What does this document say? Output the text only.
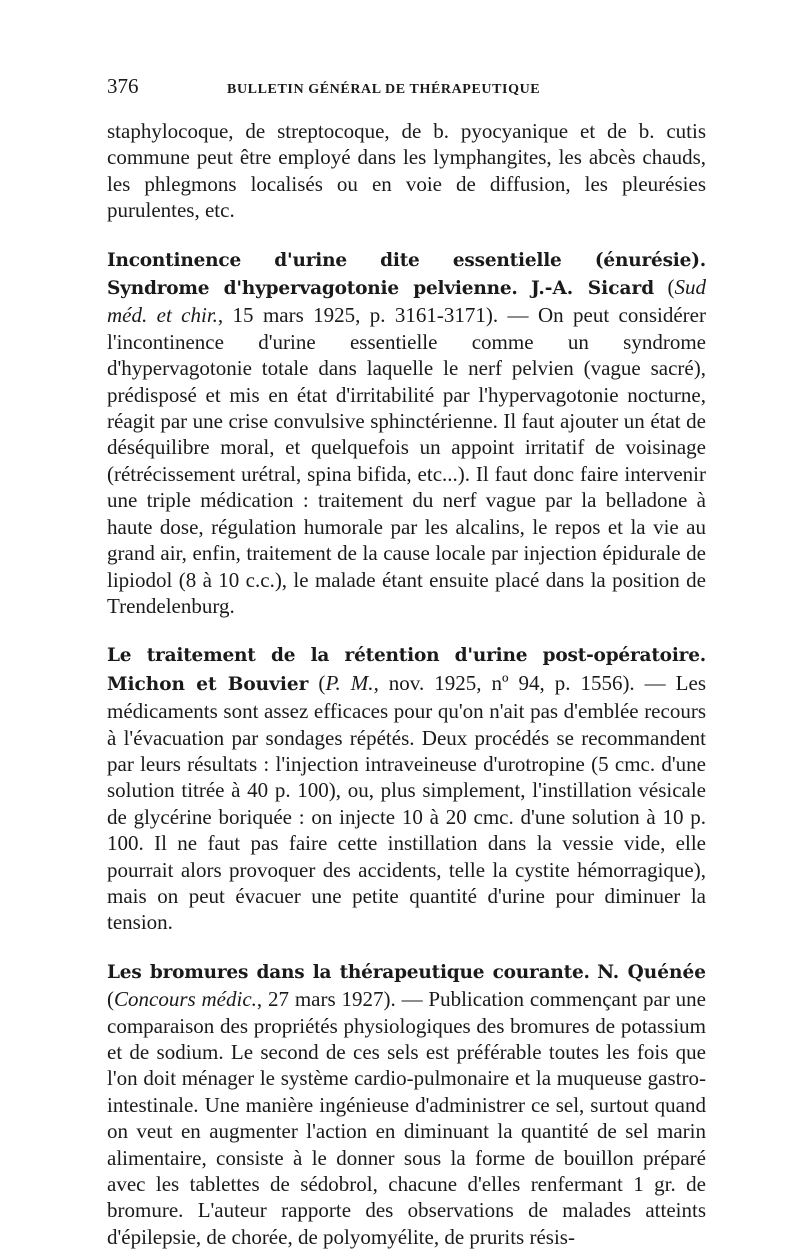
376	BULLETIN GÉNÉRAL DE THÉRAPEUTIQUE

staphylocoque, de streptocoque, de b. pyocyanique et de b. cutis commune peut être employé dans les lymphangites, les abcès chauds, les phlegmons localisés ou en voie de diffusion, les pleurésies purulentes, etc.

Incontinence d'urine dite essentielle (énurésie). Syndrome d'hypervagotonie pelvienne. J.-A. Sicard (Sud méd. et chir., 15 mars 1925, p. 3161-3171). — On peut considérer l'incontinence d'urine essentielle comme un syndrome d'hypervagotonie totale dans laquelle le nerf pelvien (vague sacré), prédisposé et mis en état d'irritabilité par l'hypervagotonie nocturne, réagit par une crise convulsive sphinctérienne. Il faut ajouter un état de déséquilibre moral, et quelquefois un appoint irritatif de voisinage (rétrécissement urétral, spina bifida, etc...). Il faut donc faire intervenir une triple médication : traitement du nerf vague par la belladone à haute dose, régulation humorale par les alcalins, le repos et la vie au grand air, enfin, traitement de la cause locale par injection épidurale de lipiodol (8 à 10 c.c.), le malade étant ensuite placé dans la position de Trendelenburg.

Le traitement de la rétention d'urine post-opératoire. Michon et Bouvier (P. M., nov. 1925, nº 94, p. 1556). — Les médicaments sont assez efficaces pour qu'on n'ait pas d'emblée recours à l'évacuation par sondages répétés. Deux procédés se recommandent par leurs résultats : l'injection intraveineuse d'urotropine (5 cmc. d'une solution titrée à 40 p. 100), ou, plus simplement, l'instillation vésicale de glycérine boriquée : on injecte 10 à 20 cmc. d'une solution à 10 p. 100. Il ne faut pas faire cette instillation dans la vessie vide, elle pourrait alors provoquer des accidents, telle la cystite hémorragique), mais on peut évacuer une petite quantité d'urine pour diminuer la tension.

Les bromures dans la thérapeutique courante. N. Quénée (Concours médic., 27 mars 1927). — Publication commençant par une comparaison des propriétés physiologiques des bromures de potassium et de sodium. Le second de ces sels est préférable toutes les fois que l'on doit ménager le système cardio-pulmonaire et la muqueuse gastro-intestinale. Une manière ingénieuse d'administrer ce sel, surtout quand on veut en augmenter l'action en diminuant la quantité de sel marin alimentaire, consiste à le donner sous la forme de bouillon préparé avec les tablettes de sédobrol, chacune d'elles renfermant 1 gr. de bromure. L'auteur rapporte des observations de malades atteints d'épilepsie, de chorée, de polyomyélite, de prurits résis-
